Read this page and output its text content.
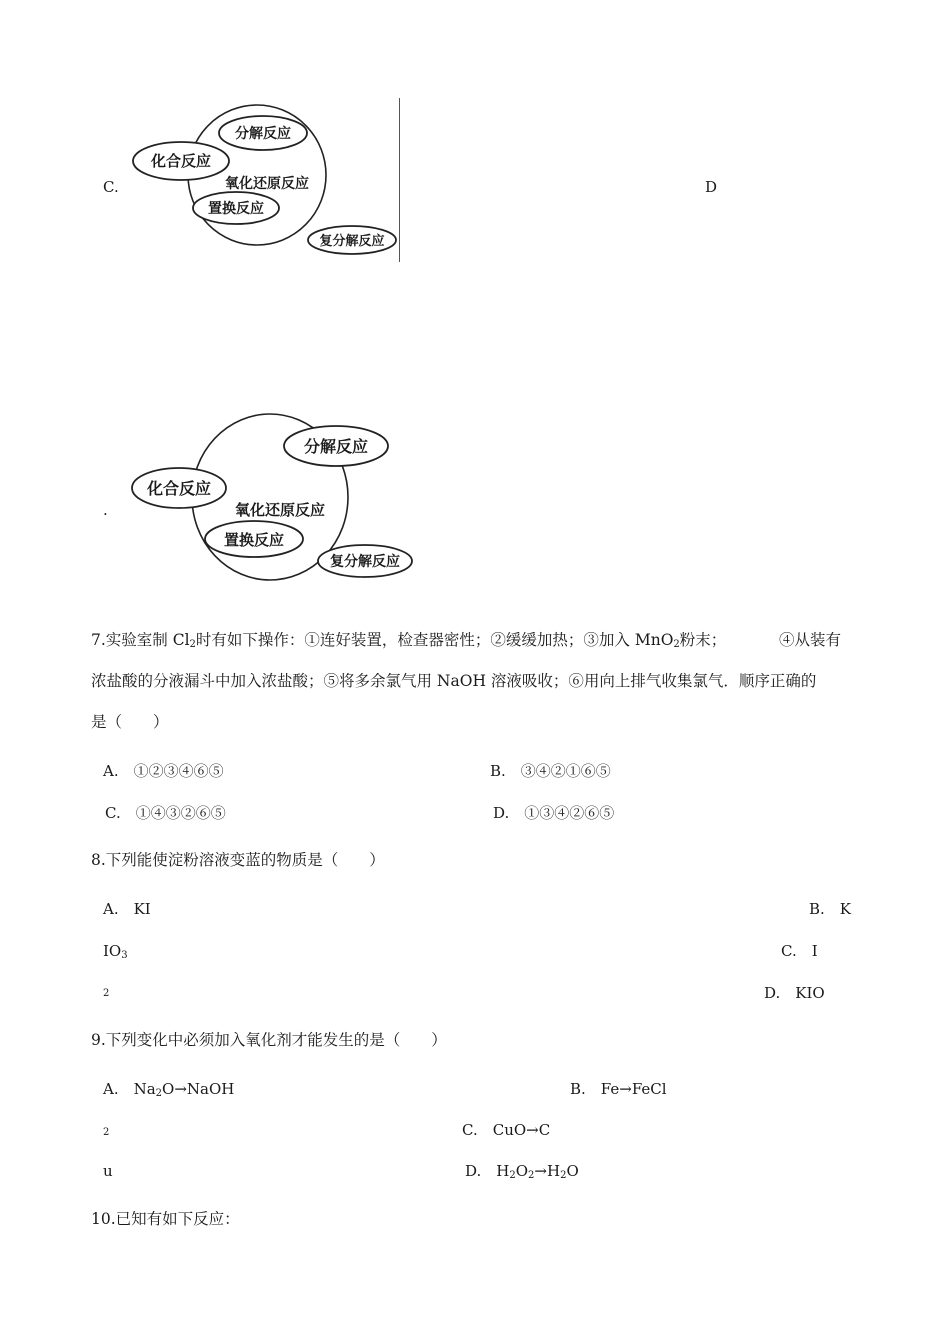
C.
分解反应
化合反应
氧化还原反应
置换反应
复分解反应
D
.
分解反应
化合反应
氧化还原反应
置换反应
复分解反应
7.实验室制 $Cl_2$时有如下操作：①连好装置，检查器密性；②缓缓加热；③加入 MnO$_2$粉末；	④从装有
浓盐酸的分液漏斗中加入浓盐酸；⑤将多余氯气用 NaOH 溶液吸收；⑥用向上排气收集氯气．顺序正确的
是（　　）
A.　①②③④⑥⑤	B.　③④②①⑥⑤
C.　①④③②⑥⑤	D.　①③④②⑥⑤
8.下列能使淀粉溶液变蓝的物质是（　　）
A.　KI	B.　K
$IO_3$	C.　I
2	D.　KIO
9.下列变化中必须加入氧化剂才能发生的是（　　）
A.　$Na_2O\to NaOH$	B.　Fe→FeCl
2	C.　CuO→C
u	D.　$H_2O_2\to H_2O$
10.已知有如下反应：
